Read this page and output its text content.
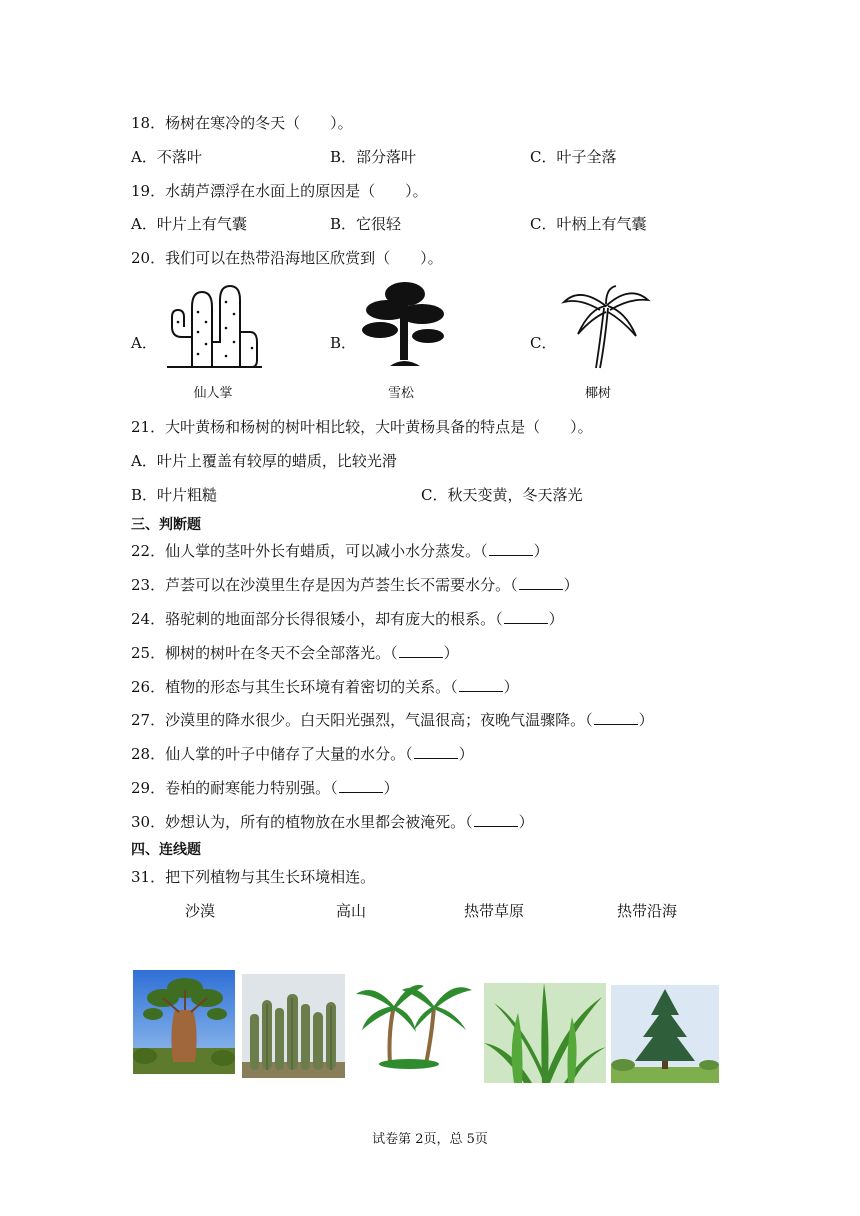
18．杨树在寒冷的冬天（　　）。
A．不落叶	B．部分落叶	C．叶子全落
19．水葫芦漂浮在水面上的原因是（　　）。
A．叶片上有气囊	B．它很轻	C．叶柄上有气囊
20．我们可以在热带沿海地区欣赏到（　　）。
A．	B．	C．
仙人掌	雪松	椰树
21．大叶黄杨和杨树的树叶相比较，大叶黄杨具备的特点是（　　）。
A．叶片上覆盖有较厚的蜡质，比较光滑
B．叶片粗糙	C．秋天变黄，冬天落光
三、判断题
22．仙人掌的茎叶外长有蜡质，可以减小水分蒸发。（	）
23．芦荟可以在沙漠里生存是因为芦荟生长不需要水分。（	）
24．骆驼刺的地面部分长得很矮小，却有庞大的根系。（	）
25．柳树的树叶在冬天不会全部落光。（	）
26．植物的形态与其生长环境有着密切的关系。（	）
27．沙漠里的降水很少。白天阳光强烈，气温很高；夜晚气温骤降。（	）
28．仙人掌的叶子中储存了大量的水分。（	）
29．卷柏的耐寒能力特别强。（	）
30．妙想认为，所有的植物放在水里都会被淹死。（	）
四、连线题
31．把下列植物与其生长环境相连。
沙漠	高山	热带草原	热带沿海
试卷第 2页，总 5页
